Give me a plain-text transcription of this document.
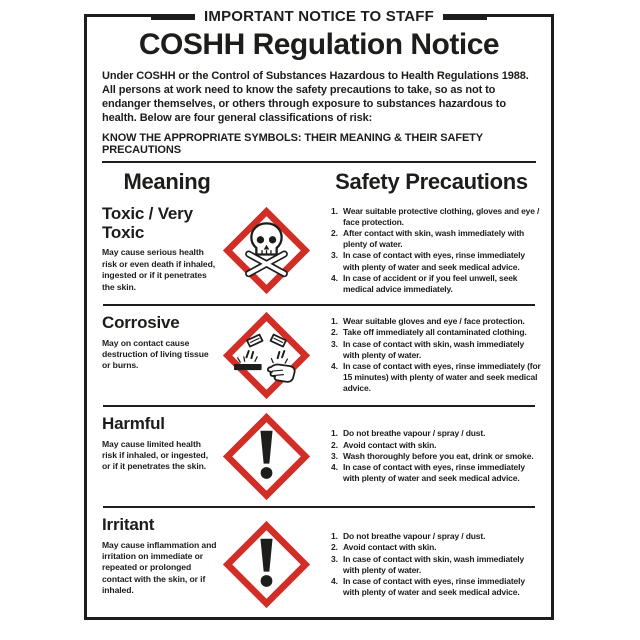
IMPORTANT NOTICE TO STAFF
COSHH Regulation Notice

Under COSHH or the Control of Substances Hazardous to Health Regulations 1988. All persons at work need to know the safety precautions to take, so as not to endanger themselves, or others through exposure to substances hazardous to health. Below are four general classifications of risk:

KNOW THE APPROPRIATE SYMBOLS: THEIR MEANING & THEIR SAFETY PRECAUTIONS
Meaning	Safety Precautions
Toxic / Very Toxic
May cause serious health risk or even death if inhaled, ingested or if it penetrates the skin.
Wear suitable protective clothing, gloves and eye / face protection.
After contact with skin, wash immediately with plenty of water.
In case of contact with eyes, rinse immediately with plenty of water and seek medical advice.
In case of accident or if you feel unwell, seek medical advice immediately.
Corrosive
May on contact cause destruction of living tissue or burns.
Wear suitable gloves and eye / face protection.
Take off immediately all contaminated clothing.
In case of contact with skin, wash immediately with plenty of water.
In case of contact with eyes, rinse immediately (for 15 minutes) with plenty of water and seek medical advice.
Harmful
May cause limited health risk if inhaled, or ingested, or if it penetrates the skin.
Do not breathe vapour / spray / dust.
Avoid contact with skin.
Wash thoroughly before you eat, drink or smoke.
In case of contact with eyes, rinse immediately with plenty of water and seek medical advice.
Irritant
May cause inflammation and irritation on immediate or repeated or prolonged contact with the skin, or if inhaled.
Do not breathe vapour / spray / dust.
Avoid contact with skin.
In case of contact with skin, wash immediately with plenty of water.
In case of contact with eyes, rinse immediately with plenty of water and seek medical advice.
